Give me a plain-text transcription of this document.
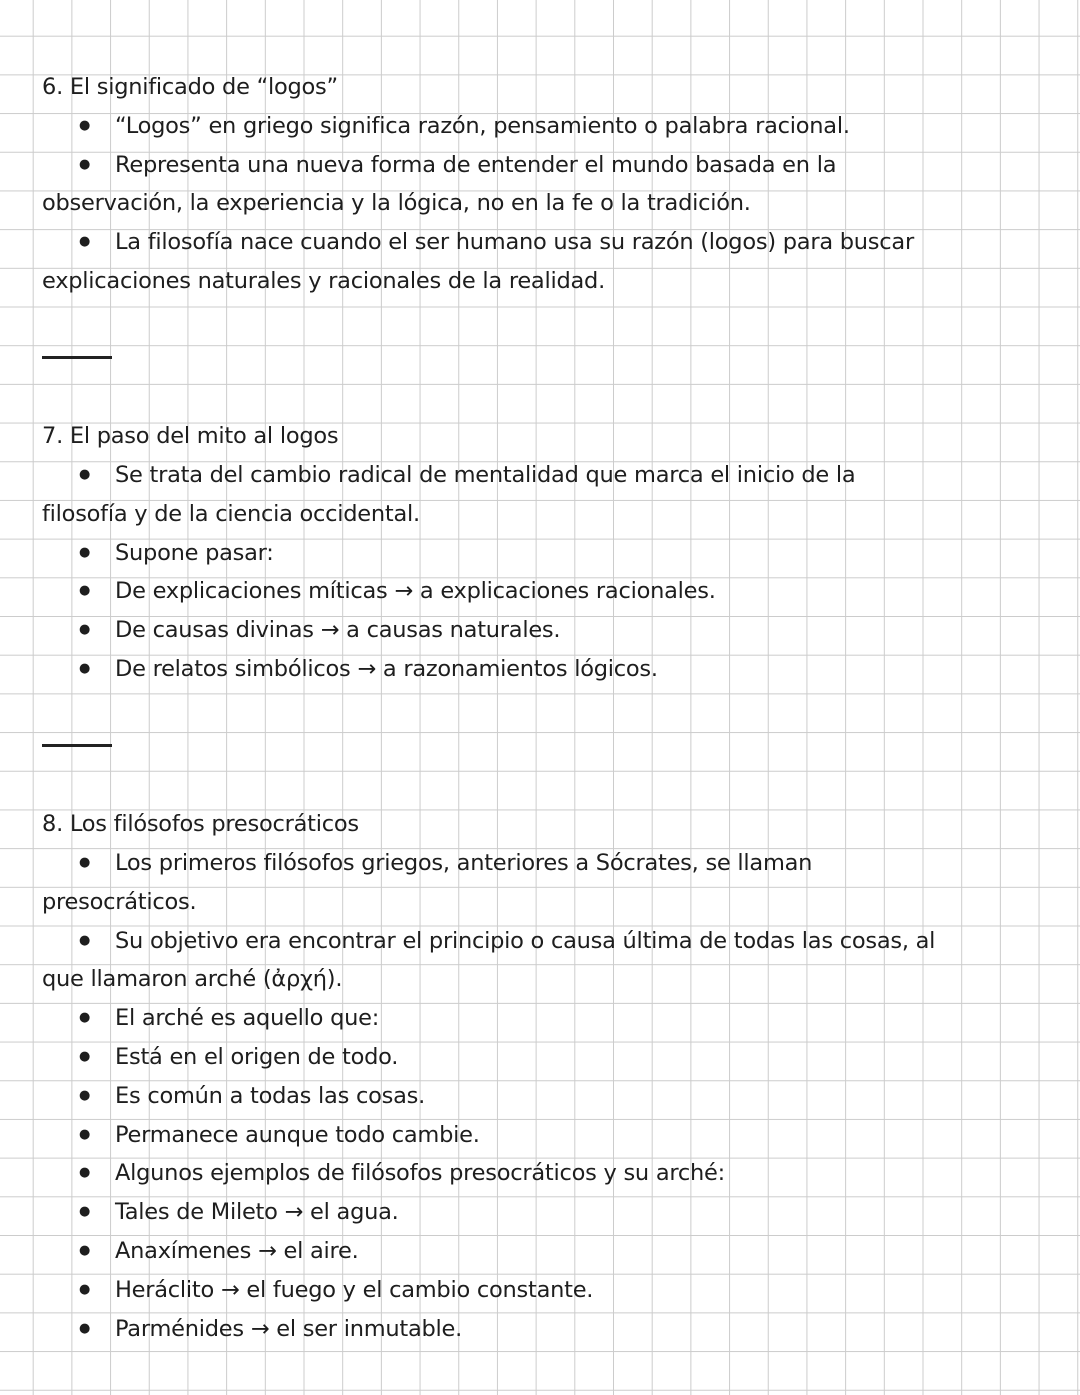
6. El significado de “logos”
● “Logos” en griego significa razón, pensamiento o palabra racional.
● Representa una nueva forma de entender el mundo basada en la
observación, la experiencia y la lógica, no en la fe o la tradición.
● La filosofía nace cuando el ser humano usa su razón (logos) para buscar
explicaciones naturales y racionales de la realidad.
7. El paso del mito al logos
● Se trata del cambio radical de mentalidad que marca el inicio de la
filosofía y de la ciencia occidental.
● Supone pasar:
● De explicaciones míticas → a explicaciones racionales.
● De causas divinas → a causas naturales.
● De relatos simbólicos → a razonamientos lógicos.
8. Los filósofos presocráticos
● Los primeros filósofos griegos, anteriores a Sócrates, se llaman
presocráticos.
● Su objetivo era encontrar el principio o causa última de todas las cosas, al
que llamaron arché (ἀρχή).
● El arché es aquello que:
● Está en el origen de todo.
● Es común a todas las cosas.
● Permanece aunque todo cambie.
● Algunos ejemplos de filósofos presocráticos y su arché:
● Tales de Mileto → el agua.
● Anaxímenes → el aire.
● Heráclito → el fuego y el cambio constante.
● Parménides → el ser inmutable.
